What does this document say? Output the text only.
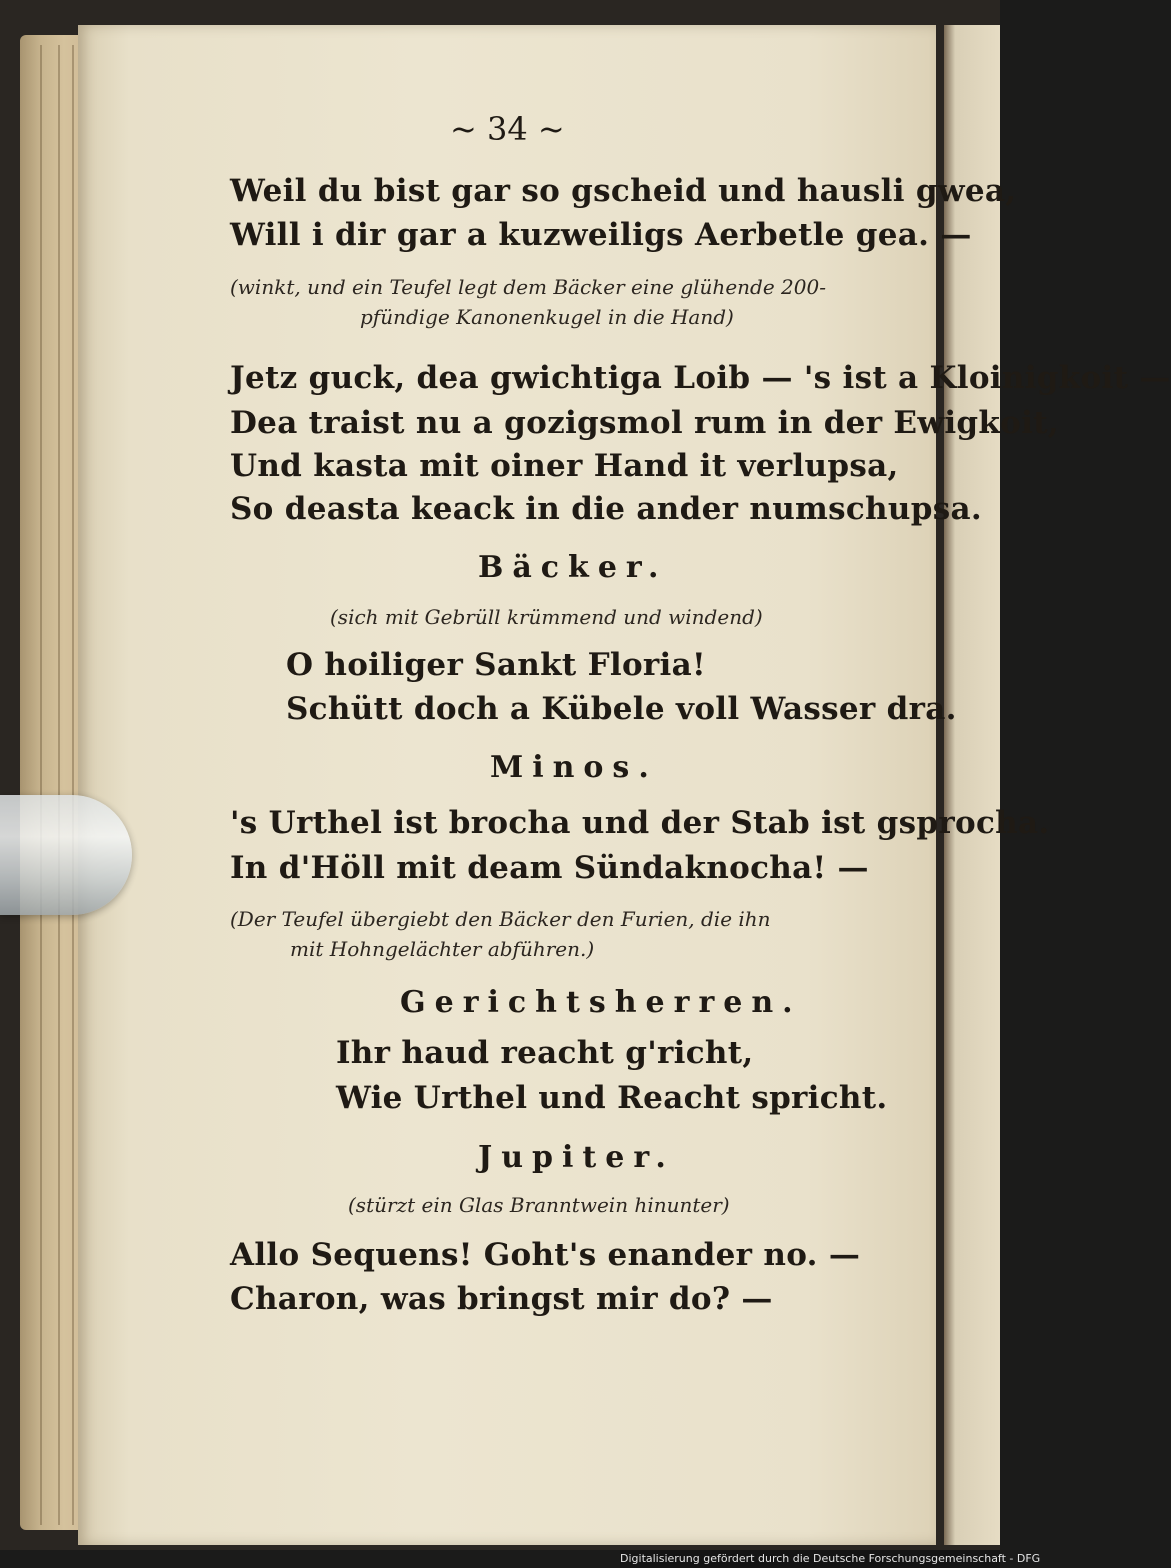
~ 34 ~
Weil du bist gar so gscheid und hausli gwea,
Will i dir gar a kuzweiligs Aerbetle gea. —
(winkt, und ein Teufel legt dem Bäcker eine glühende 200-
pfündige Kanonenkugel in die Hand)
Jetz guck, dea gwichtiga Loib — 's ist a Kloinigkoit —
Dea traist nu a gozigsmol rum in der Ewigkoit,
Und kasta mit oiner Hand it verlupsa,
So deasta keack in die ander numschupsa.
Bäcker.
(sich mit Gebrüll krümmend und windend)
O hoiliger Sankt Floria!
Schütt doch a Kübele voll Wasser dra.
Minos.
's Urthel ist brocha und der Stab ist gsprocha.
In d'Höll mit deam Sündaknocha! —
(Der Teufel übergiebt den Bäcker den Furien, die ihn
mit Hohngelächter abführen.)
Gerichtsherren.
Ihr haud reacht g'richt,
Wie Urthel und Reacht spricht.
Jupiter.
(stürzt ein Glas Branntwein hinunter)
Allo Sequens! Goht's enander no. —
Charon, was bringst mir do? —
Digitalisierung gefördert durch die Deutsche Forschungsgemeinschaft - DFG
